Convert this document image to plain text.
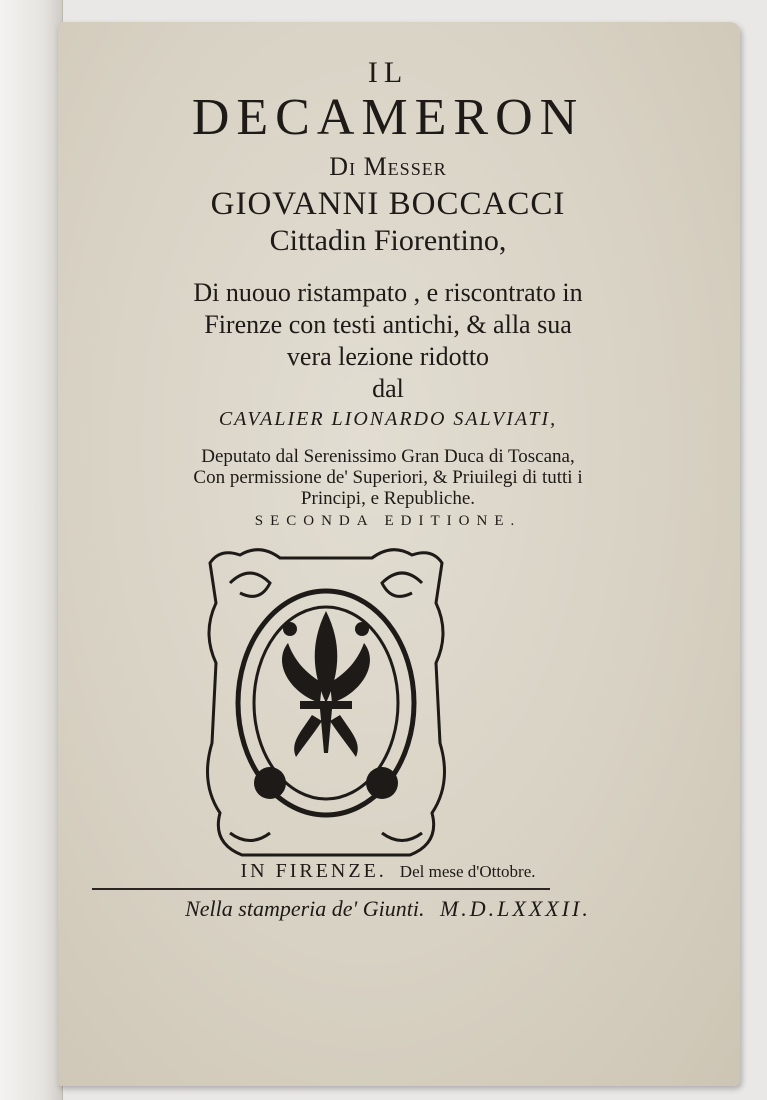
IL
DECAMERON
Di Messer
GIOVANNI BOCCACCI
Cittadin Fiorentino,
Di nuouo ristampato , e riscontrato in
Firenze con testi antichi, & alla sua
vera lezione ridotto
dal
CAVALIER LIONARDO SALVIATI,
Deputato dal Serenissimo Gran Duca di Toscana,
Con permissione de' Superiori, & Priuilegi di tutti i
Principi, e Republiche.
SECONDA EDITIONE.
IN FIRENZE. Del mese d'Ottobre.
Nella stamperia de' Giunti. M.D.LXXXII.
